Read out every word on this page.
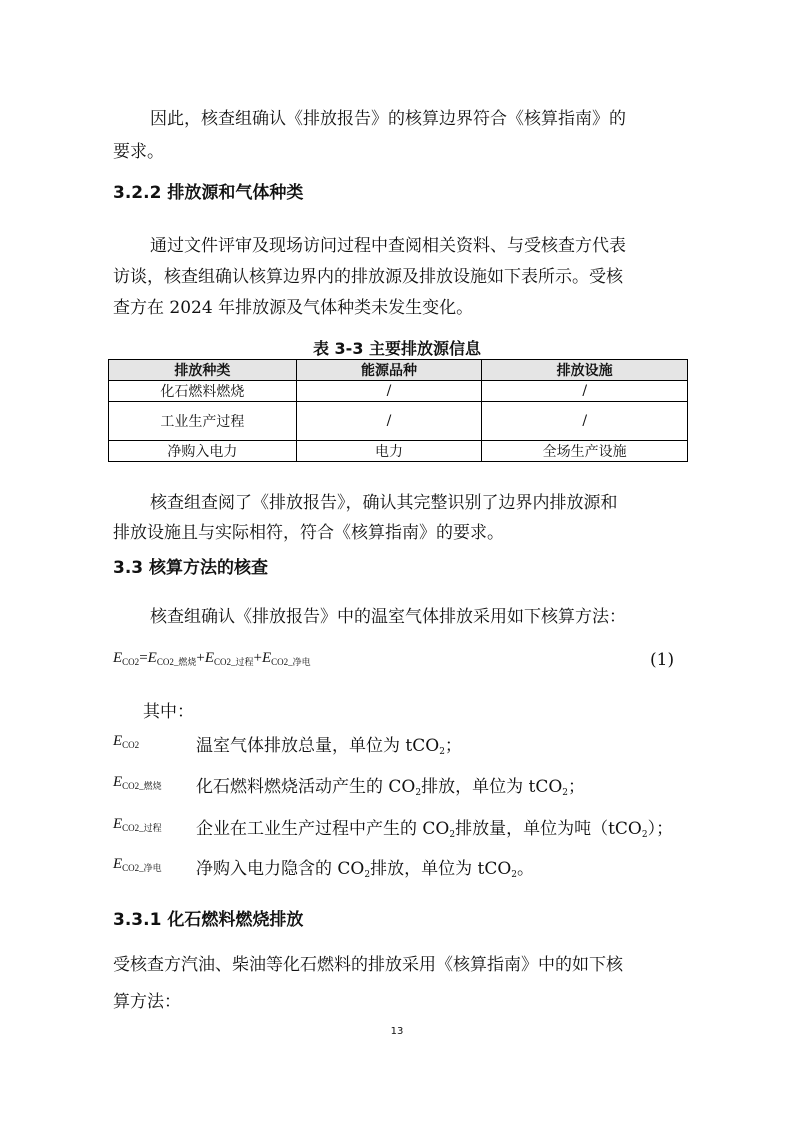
因此，核查组确认《排放报告》的核算边界符合《核算指南》的
要求。
3.2.2 排放源和气体种类
通过文件评审及现场访问过程中查阅相关资料、与受核查方代表
访谈，核查组确认核算边界内的排放源及排放设施如下表所示。受核
查方在 2024 年排放源及气体种类未发生变化。
表 3-3 主要排放源信息
排放种类	能源品种	排放设施
化石燃料燃烧	/	/
工业生产过程	/	/
净购入电力	电力	全场生产设施
核查组查阅了《排放报告》，确认其完整识别了边界内排放源和
排放设施且与实际相符，符合《核算指南》的要求。
3.3 核算方法的核查
核查组确认《排放报告》中的温室气体排放采用如下核算方法：
$E_{CO2}=E_{CO2\_燃烧}+E_{CO2\_过程}+E_{CO2\_净电}$	(1)
其中：
$E_{CO2}$	温室气体排放总量，单位为 tCO2；
$E_{CO2\_燃烧}$ 化石燃料燃烧活动产生的 CO2排放，单位为 tCO2；
$E_{CO2\_过程}$ 企业在工业生产过程中产生的 CO2排放量，单位为吨（tCO2）；
$E_{CO2\_净电}$ 净购入电力隐含的 CO2排放，单位为 tCO2。
3.3.1 化石燃料燃烧排放
受核查方汽油、柴油等化石燃料的排放采用《核算指南》中的如下核
算方法：
13
